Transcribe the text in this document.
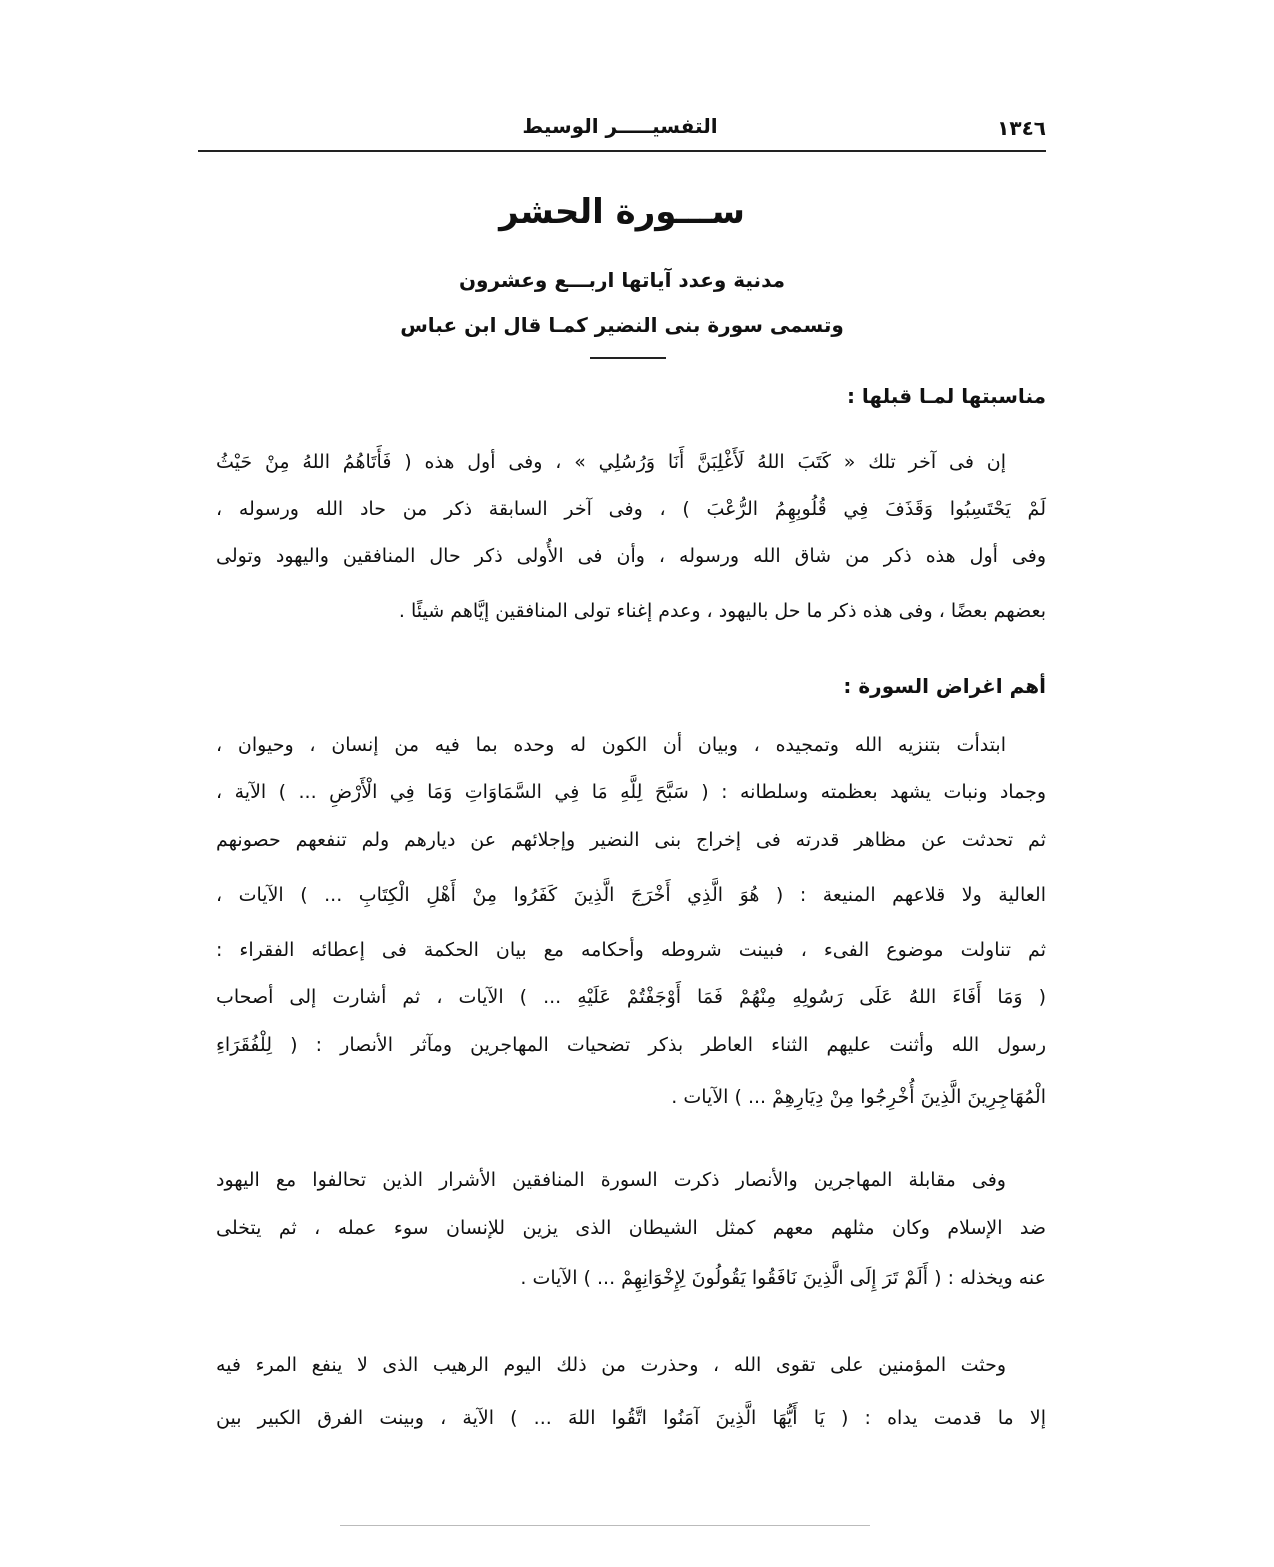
١٣٤٦
التفسيـــــر الوسيط
ســـورة الحشر
مدنية وعدد آياتها اربـــع وعشرون
وتسمى سورة بنى النضير كمـا قال ابن عباس
مناسبتها لمـا قبلها :
إن فى آخر تلك « كَتَبَ اللهُ لَأَغْلِبَنَّ أَنَا وَرُسُلِي » ، وفى أول هذه ( فَأَتَاهُمُ اللهُ مِنْ حَيْثُ
لَمْ يَحْتَسِبُوا وَقَذَفَ فِي قُلُوبِهِمُ الرُّعْبَ ) ، وفى آخر السابقة ذكر من حاد الله ورسوله ،
وفى أول هذه ذكر من شاق الله ورسوله ، وأن فى الأُولى ذكر حال المنافقين واليهود وتولى
بعضهم بعضًا ، وفى هذه ذكر ما حل باليهود ، وعدم إغناء تولى المنافقين إيَّاهم شيئًا .
أهم اغراض السورة :
ابتدأت بتنزيه الله وتمجيده ، وبيان أن الكون له وحده بما فيه من إنسان ، وحيوان ،
وجماد ونبات يشهد بعظمته وسلطانه : ( سَبَّحَ لِلَّهِ مَا فِي السَّمَاوَاتِ وَمَا فِي الْأَرْضِ ... ) الآية ،
ثم تحدثت عن مظاهر قدرته فى إخراج بنى النضير وإجلائهم عن ديارهم ولم تنفعهم حصونهم
العالية ولا قلاعهم المنيعة : ( هُوَ الَّذِي أَخْرَجَ الَّذِينَ كَفَرُوا مِنْ أَهْلِ الْكِتَابِ ... ) الآيات ،
ثم تناولت موضوع الفىء ، فبينت شروطه وأحكامه مع بيان الحكمة فى إعطائه الفقراء :
( وَمَا أَفَاءَ اللهُ عَلَى رَسُولِهِ مِنْهُمْ فَمَا أَوْجَفْتُمْ عَلَيْهِ ... ) الآيات ، ثم أشارت إلى أصحاب
رسول الله وأثنت عليهم الثناء العاطر بذكر تضحيات المهاجرين ومآثر الأنصار : ( لِلْفُقَرَاءِ
الْمُهَاجِرِينَ الَّذِينَ أُخْرِجُوا مِنْ دِيَارِهِمْ ... ) الآيات .
وفى مقابلة المهاجرين والأنصار ذكرت السورة المنافقين الأشرار الذين تحالفوا مع اليهود
ضد الإسلام وكان مثلهم معهم كمثل الشيطان الذى يزين للإنسان سوء عمله ، ثم يتخلى
عنه ويخذله : ( أَلَمْ تَرَ إِلَى الَّذِينَ نَافَقُوا يَقُولُونَ لِإِخْوَانِهِمْ ... ) الآيات .
وحثت المؤمنين على تقوى الله ، وحذرت من ذلك اليوم الرهيب الذى لا ينفع المرء فيه
إلا ما قدمت يداه : ( يَا أَيُّهَا الَّذِينَ آمَنُوا اتَّقُوا اللهَ ... ) الآية ، وبينت الفرق الكبير بين
